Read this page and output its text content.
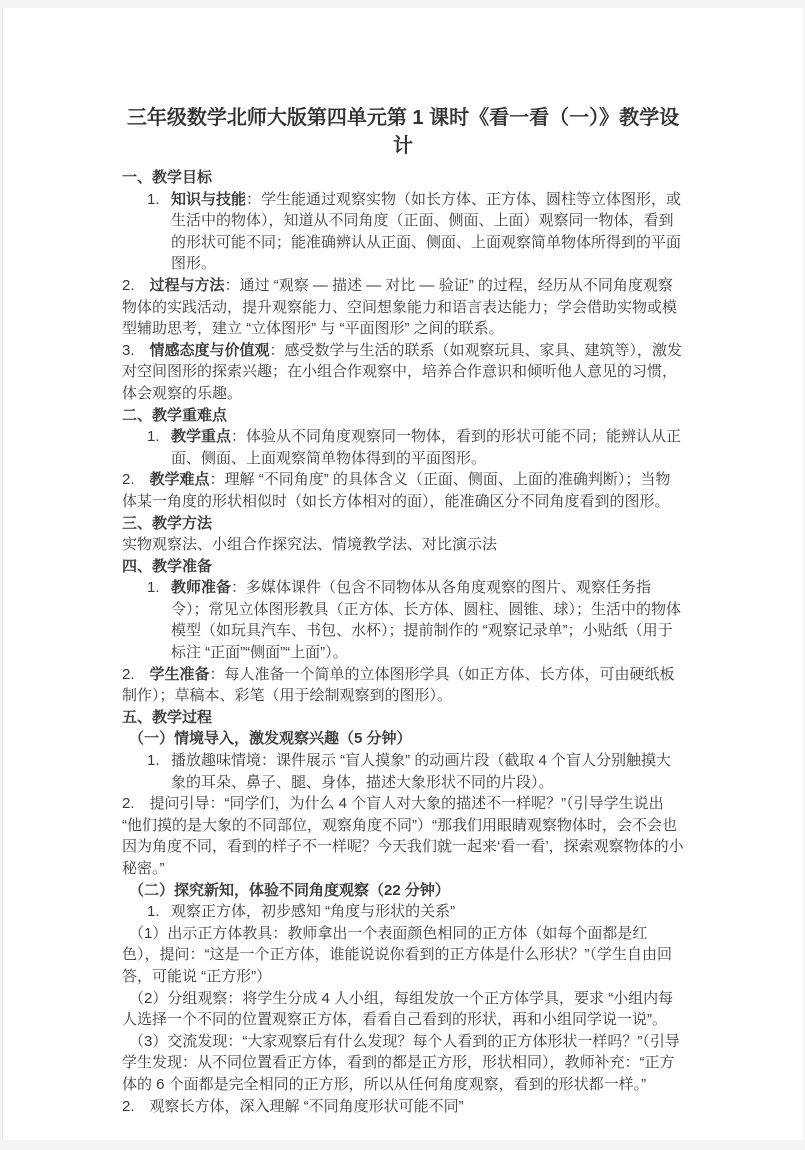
三年级数学北师大版第四单元第 1 课时《看一看（一）》教学设计
一、教学目标
1. 知识与技能：学生能通过观察实物（如长方体、正方体、圆柱等立体图形，或生活中的物体），知道从不同角度（正面、侧面、上面）观察同一物体，看到的形状可能不同；能准确辨认从正面、侧面、上面观察简单物体所得到的平面图形。
2.　过程与方法：通过 “观察 — 描述 — 对比 — 验证” 的过程，经历从不同角度观察物体的实践活动，提升观察能力、空间想象能力和语言表达能力；学会借助实物或模型辅助思考，建立 “立体图形” 与 “平面图形” 之间的联系。
3.　情感态度与价值观：感受数学与生活的联系（如观察玩具、家具、建筑等），激发对空间图形的探索兴趣；在小组合作观察中，培养合作意识和倾听他人意见的习惯，体会观察的乐趣。
二、教学重难点
1. 教学重点：体验从不同角度观察同一物体，看到的形状可能不同；能辨认从正面、侧面、上面观察简单物体得到的平面图形。
2.　教学难点：理解 “不同角度” 的具体含义（正面、侧面、上面的准确判断）；当物体某一角度的形状相似时（如长方体相对的面），能准确区分不同角度看到的图形。
三、教学方法
实物观察法、小组合作探究法、情境教学法、对比演示法
四、教学准备
1. 教师准备：多媒体课件（包含不同物体从各角度观察的图片、观察任务指令）；常见立体图形教具（正方体、长方体、圆柱、圆锥、球）；生活中的物体模型（如玩具汽车、书包、水杯）；提前制作的 “观察记录单”；小贴纸（用于标注 “正面”“侧面”“上面”）。
2.　学生准备：每人准备一个简单的立体图形学具（如正方体、长方体，可由硬纸板制作）；草稿本、彩笔（用于绘制观察到的图形）。
五、教学过程
（一）情境导入，激发观察兴趣（5 分钟）
1. 播放趣味情境：课件展示 “盲人摸象” 的动画片段（截取 4 个盲人分别触摸大象的耳朵、鼻子、腿、身体，描述大象形状不同的片段）。
2.　提问引导：“同学们，为什么 4 个盲人对大象的描述不一样呢？”（引导学生说出 “他们摸的是大象的不同部位，观察角度不同”）“那我们用眼睛观察物体时，会不会也因为角度不同，看到的样子不一样呢？今天我们就一起来‘看一看’，探索观察物体的小秘密。”
（二）探究新知，体验不同角度观察（22 分钟）
1. 观察正方体，初步感知 “角度与形状的关系”
（1）出示正方体教具：教师拿出一个表面颜色相同的正方体（如每个面都是红色），提问：“这是一个正方体，谁能说说你看到的正方体是什么形状？”（学生自由回答，可能说 “正方形”）
（2）分组观察：将学生分成 4 人小组，每组发放一个正方体学具，要求 “小组内每人选择一个不同的位置观察正方体，看看自己看到的形状，再和小组同学说一说”。
（3）交流发现：“大家观察后有什么发现？每个人看到的正方体形状一样吗？”（引导学生发现：从不同位置看正方体，看到的都是正方形，形状相同），教师补充：“正方体的 6 个面都是完全相同的正方形，所以从任何角度观察，看到的形状都一样。”
2.　观察长方体，深入理解 “不同角度形状可能不同”
